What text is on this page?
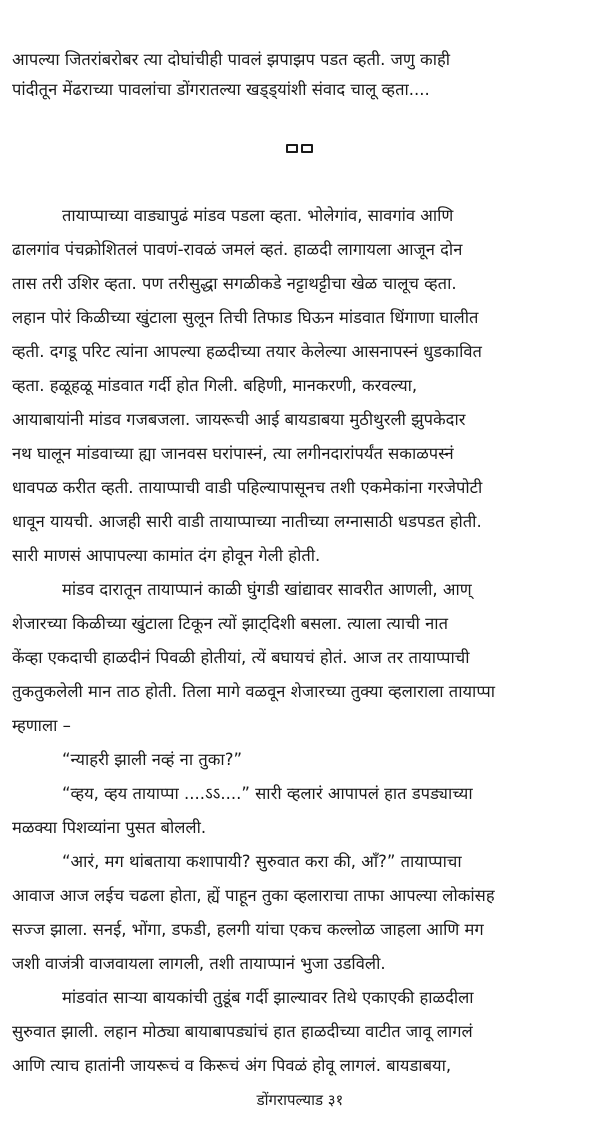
आपल्या जितरांबरोबर त्या दोघांचीही पावलं झपाझप पडत व्हती. जणु काही
पांदीतून मेंढराच्या पावलांचा डोंगरातल्या खड्ड्यांशी संवाद चालू व्हता....
तायाप्पाच्या वाड्यापुढं मांडव पडला व्हता. भोलेगांव, सावगांव आणि
ढालगांव पंचक्रोशितलं पावणं-रावळं जमलं व्हतं. हाळदी लागायला आजून दोन
तास तरी उशिर व्हता. पण तरीसुद्धा सगळीकडे नट्टाथट्टीचा खेळ चालूच व्हता.
लहान पोरं किळीच्या खुंटाला सुलून तिची तिफाड घिऊन मांडवात धिंगाणा घालीत
व्हती. दगडू परिट त्यांना आपल्या हळदीच्या तयार केलेल्या आसनापस्नं धुडकावित
व्हता. हळूहळू मांडवात गर्दी होत गिली. बहिणी, मानकरणी, करवल्या,
आयाबायांनी मांडव गजबजला. जायरूची आई बायडाबया मुठीथुरली झुपकेदार
नथ घालून मांडवाच्या ह्या जानवस घरांपास्नं, त्या लगीनदारांपर्यंत सकाळपस्नं
धावपळ करीत व्हती. तायाप्पाची वाडी पहिल्यापासूनच तशी एकमेकांना गरजेपोटी
धावून यायची. आजही सारी वाडी तायाप्पाच्या नातीच्या लग्नासाठी धडपडत होती.
सारी माणसं आपापल्या कामांत दंग होवून गेली होती.
मांडव दारातून तायाप्पानं काळी घुंगडी खांद्यावर सावरीत आणली, आण्
शेजारच्या किळीच्या खुंटाला टिकून त्यों झाट्दिशी बसला. त्याला त्याची नात
केंव्हा एकदाची हाळदीनं पिवळी होतीयां, त्यें बघायचं होतं. आज तर तायाप्पाची
तुकतुकलेली मान ताठ होती. तिला मागे वळवून शेजारच्या तुक्या व्हलाराला तायाप्पा
म्हणाला –
“न्याहरी झाली नव्हं ना तुका?”
“व्हय, व्हय तायाप्पा ....ऽऽ....” सारी व्हलारं आपापलं हात डपड्याच्या
मळक्या पिशव्यांना पुसत बोलली.
“आरं, मग थांबताया कशापायी? सुरुवात करा की, आँ?” तायाप्पाचा
आवाज आज लईच चढला होता, ह्यें पाहून तुका व्हलाराचा ताफा आपल्या लोकांसह
सज्ज झाला. सनई, भोंगा, डफडी, हलगी यांचा एकच कल्लोळ जाहला आणि मग
जशी वाजंत्री वाजवायला लागली, तशी तायाप्पानं भुजा उडविली.
मांडवांत साऱ्या बायकांची तुडूंब गर्दी झाल्यावर तिथे एकाएकी हाळदीला
सुरुवात झाली. लहान मोठ्या बायाबापड्यांचं हात हाळदीच्या वाटीत जावू लागलं
आणि त्याच हातांनी जायरूचं व किरूचं अंग पिवळं होवू लागलं. बायडाबया,
डोंगरापल्याड ३१
